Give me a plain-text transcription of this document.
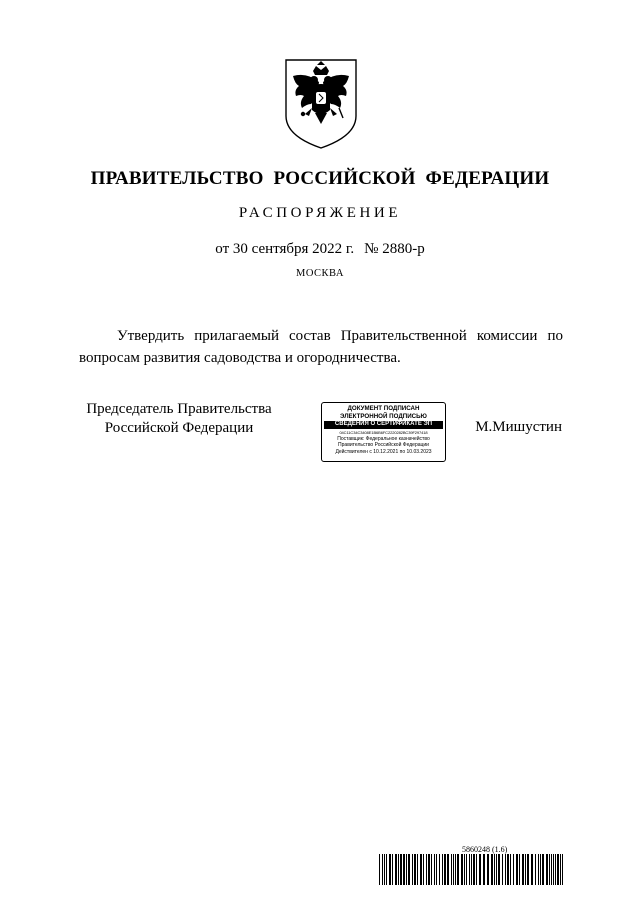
ПРАВИТЕЛЬСТВО РОССИЙСКОЙ ФЕДЕРАЦИИ
РАСПОРЯЖЕНИЕ
от 30 сентября 2022 г. № 2880-р
МОСКВА
Утвердить прилагаемый состав Правительственной комиссии по вопросам развития садоводства и огородничества.
Председатель Правительства
Российской Федерации
ДОКУМЕНТ ПОДПИСАН
ЭЛЕКТРОННОЙ ПОДПИСЬЮ
СВЕДЕНИЯ О СЕРТИФИКАТЕ ЭП
04C11C34C3408E1B6B6FC2220282BC39F297418
Поставщик: Федеральное казначейство
Правительство Российской Федерации
Действителен с 10.12.2021 по 10.03.2023
М.Мишустин
5860248 (1.6)
